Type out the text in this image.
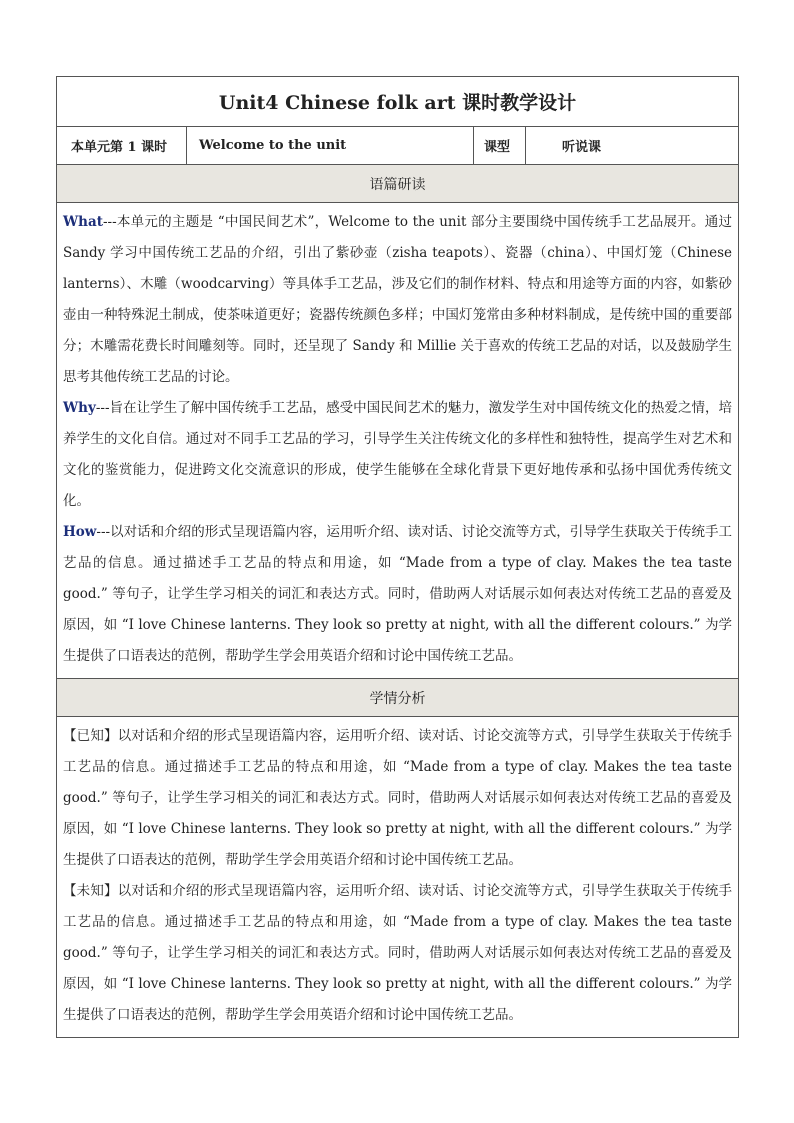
Unit4 Chinese folk art 课时教学设计
本单元第 1 课时	Welcome to the unit	课型	听说课
语篇研读

What---本单元的主题是 “中国民间艺术”，Welcome to the unit 部分主要围绕中国传统手工艺品展开。通过 Sandy 学习中国传统工艺品的介绍，引出了紫砂壶（zisha teapots）、瓷器（china）、中国灯笼（Chinese lanterns）、木雕（woodcarving）等具体手工艺品，涉及它们的制作材料、特点和用途等方面的内容，如紫砂壶由一种特殊泥土制成，使茶味道更好；瓷器传统颜色多样；中国灯笼常由多种材料制成，是传统中国的重要部分；木雕需花费长时间雕刻等。同时，还呈现了 Sandy 和 Millie 关于喜欢的传统工艺品的对话，以及鼓励学生思考其他传统工艺品的讨论。

Why---旨在让学生了解中国传统手工艺品，感受中国民间艺术的魅力，激发学生对中国传统文化的热爱之情，培养学生的文化自信。通过对不同手工艺品的学习，引导学生关注传统文化的多样性和独特性，提高学生对艺术和文化的鉴赏能力，促进跨文化交流意识的形成，使学生能够在全球化背景下更好地传承和弘扬中国优秀传统文化。

How---以对话和介绍的形式呈现语篇内容，运用听介绍、读对话、讨论交流等方式，引导学生获取关于传统手工艺品的信息。通过描述手工艺品的特点和用途，如 “Made from a type of clay. Makes the tea taste good.” 等句子，让学生学习相关的词汇和表达方式。同时，借助两人对话展示如何表达对传统工艺品的喜爱及原因，如 “I love Chinese lanterns. They look so pretty at night, with all the different colours.” 为学生提供了口语表达的范例，帮助学生学会用英语介绍和讨论中国传统工艺品。

学情分析

【已知】以对话和介绍的形式呈现语篇内容，运用听介绍、读对话、讨论交流等方式，引导学生获取关于传统手工艺品的信息。通过描述手工艺品的特点和用途，如 “Made from a type of clay. Makes the tea taste good.” 等句子，让学生学习相关的词汇和表达方式。同时，借助两人对话展示如何表达对传统工艺品的喜爱及原因，如 “I love Chinese lanterns. They look so pretty at night, with all the different colours.” 为学生提供了口语表达的范例，帮助学生学会用英语介绍和讨论中国传统工艺品。

【未知】以对话和介绍的形式呈现语篇内容，运用听介绍、读对话、讨论交流等方式，引导学生获取关于传统手工艺品的信息。通过描述手工艺品的特点和用途，如 “Made from a type of clay. Makes the tea taste good.” 等句子，让学生学习相关的词汇和表达方式。同时，借助两人对话展示如何表达对传统工艺品的喜爱及原因，如 “I love Chinese lanterns. They look so pretty at night, with all the different colours.” 为学生提供了口语表达的范例，帮助学生学会用英语介绍和讨论中国传统工艺品。
